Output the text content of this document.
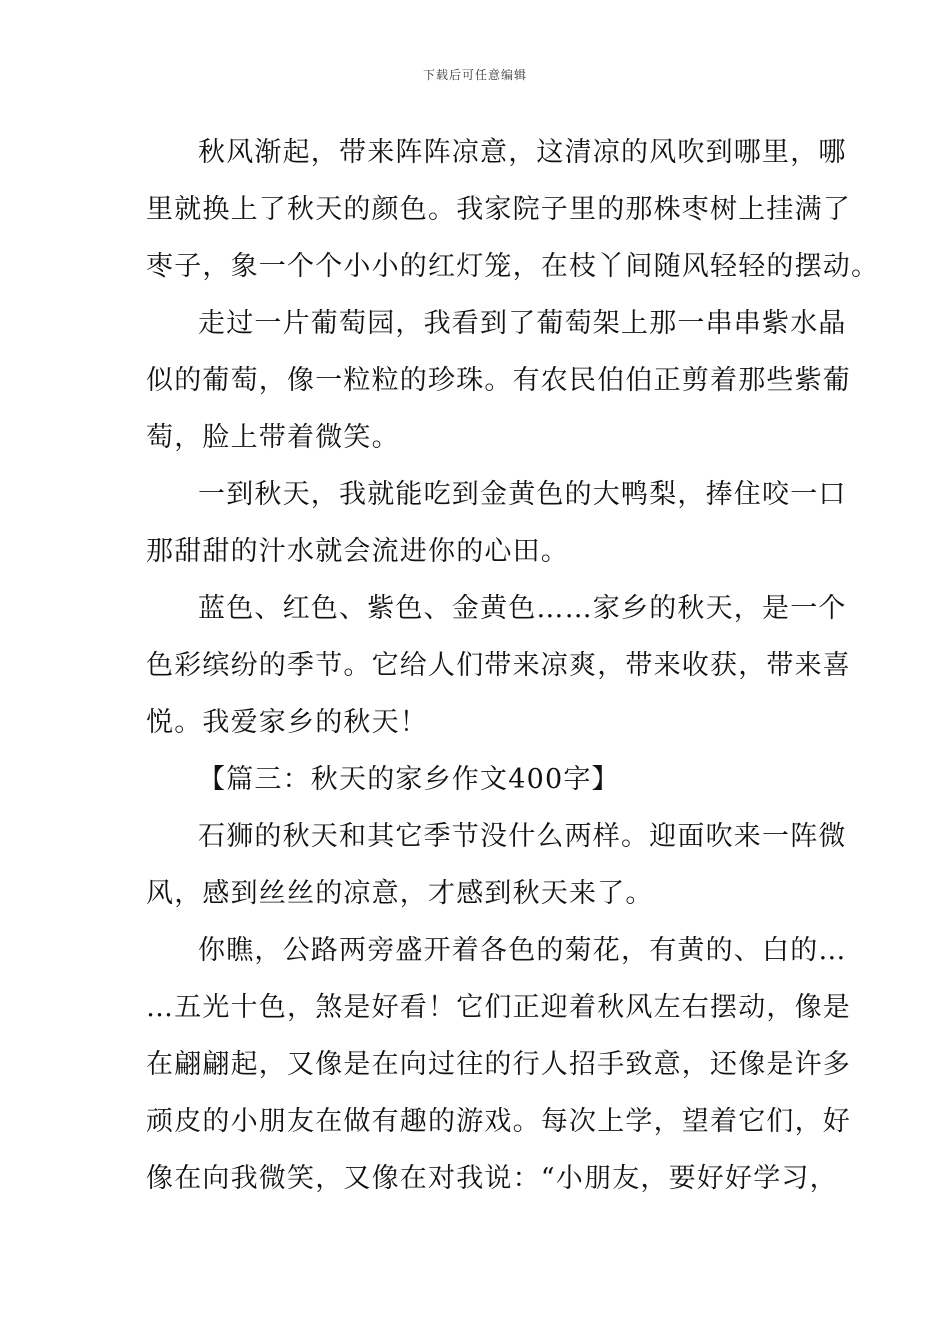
下载后可任意编辑
秋风渐起，带来阵阵凉意，这清凉的风吹到哪里，哪
里就换上了秋天的颜色。我家院子里的那株枣树上挂满了
枣子，象一个个小小的红灯笼，在枝丫间随风轻轻的摆动。
走过一片葡萄园，我看到了葡萄架上那一串串紫水晶
似的葡萄，像一粒粒的珍珠。有农民伯伯正剪着那些紫葡
萄，脸上带着微笑。
一到秋天，我就能吃到金黄色的大鸭梨，捧住咬一口
那甜甜的汁水就会流进你的心田。
蓝色、红色、紫色、金黄色……家乡的秋天，是一个
色彩缤纷的季节。它给人们带来凉爽，带来收获，带来喜
悦。我爱家乡的秋天！
【篇三：秋天的家乡作文400字】
石狮的秋天和其它季节没什么两样。迎面吹来一阵微
风，感到丝丝的凉意，才感到秋天来了。
你瞧，公路两旁盛开着各色的菊花，有黄的、白的…
…五光十色，煞是好看！它们正迎着秋风左右摆动，像是
在翩翩起，又像是在向过往的行人招手致意，还像是许多
顽皮的小朋友在做有趣的游戏。每次上学，望着它们，好
像在向我微笑，又像在对我说：“小朋友，要好好学习，
